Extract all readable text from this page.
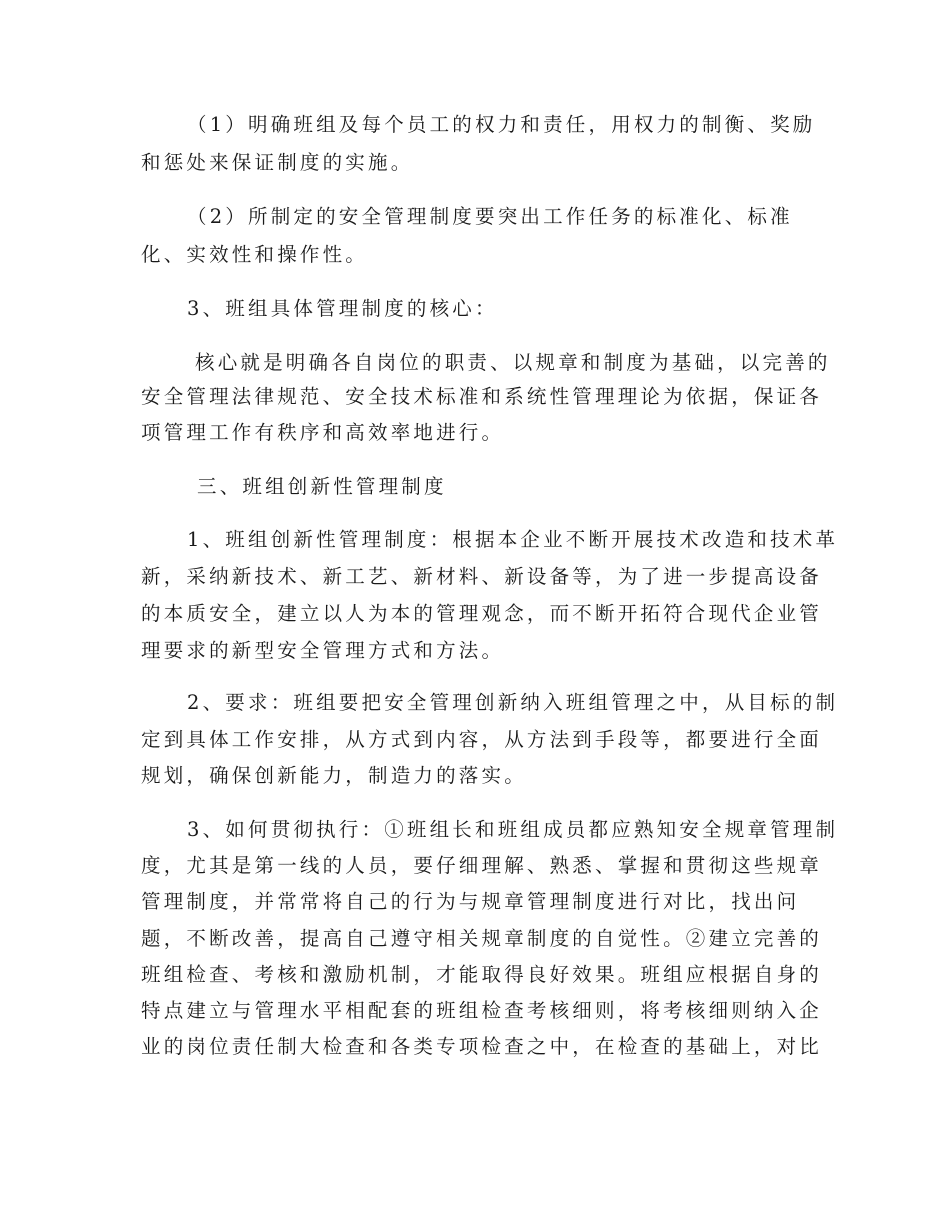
（1）明确班组及每个员工的权力和责任，用权力的制衡、奖励

和惩处来保证制度的实施。

（2）所制定的安全管理制度要突出工作任务的标准化、标准

化、实效性和操作性。

3、班组具体管理制度的核心：

核心就是明确各自岗位的职责、以规章和制度为基础，以完善的

安全管理法律规范、安全技术标准和系统性管理理论为依据，保证各

项管理工作有秩序和高效率地进行。

三、班组创新性管理制度

1、班组创新性管理制度：根据本企业不断开展技术改造和技术革

新，采纳新技术、新工艺、新材料、新设备等，为了进一步提高设备

的本质安全，建立以人为本的管理观念，而不断开拓符合现代企业管

理要求的新型安全管理方式和方法。

2、要求：班组要把安全管理创新纳入班组管理之中，从目标的制

定到具体工作安排，从方式到内容，从方法到手段等，都要进行全面

规划，确保创新能力，制造力的落实。

3、如何贯彻执行：①班组长和班组成员都应熟知安全规章管理制

度，尤其是第一线的人员，要仔细理解、熟悉、掌握和贯彻这些规章

管理制度，并常常将自己的行为与规章管理制度进行对比，找出问

题，不断改善，提高自己遵守相关规章制度的自觉性。②建立完善的

班组检查、考核和激励机制，才能取得良好效果。班组应根据自身的

特点建立与管理水平相配套的班组检查考核细则，将考核细则纳入企

业的岗位责任制大检查和各类专项检查之中，在检查的基础上，对比
